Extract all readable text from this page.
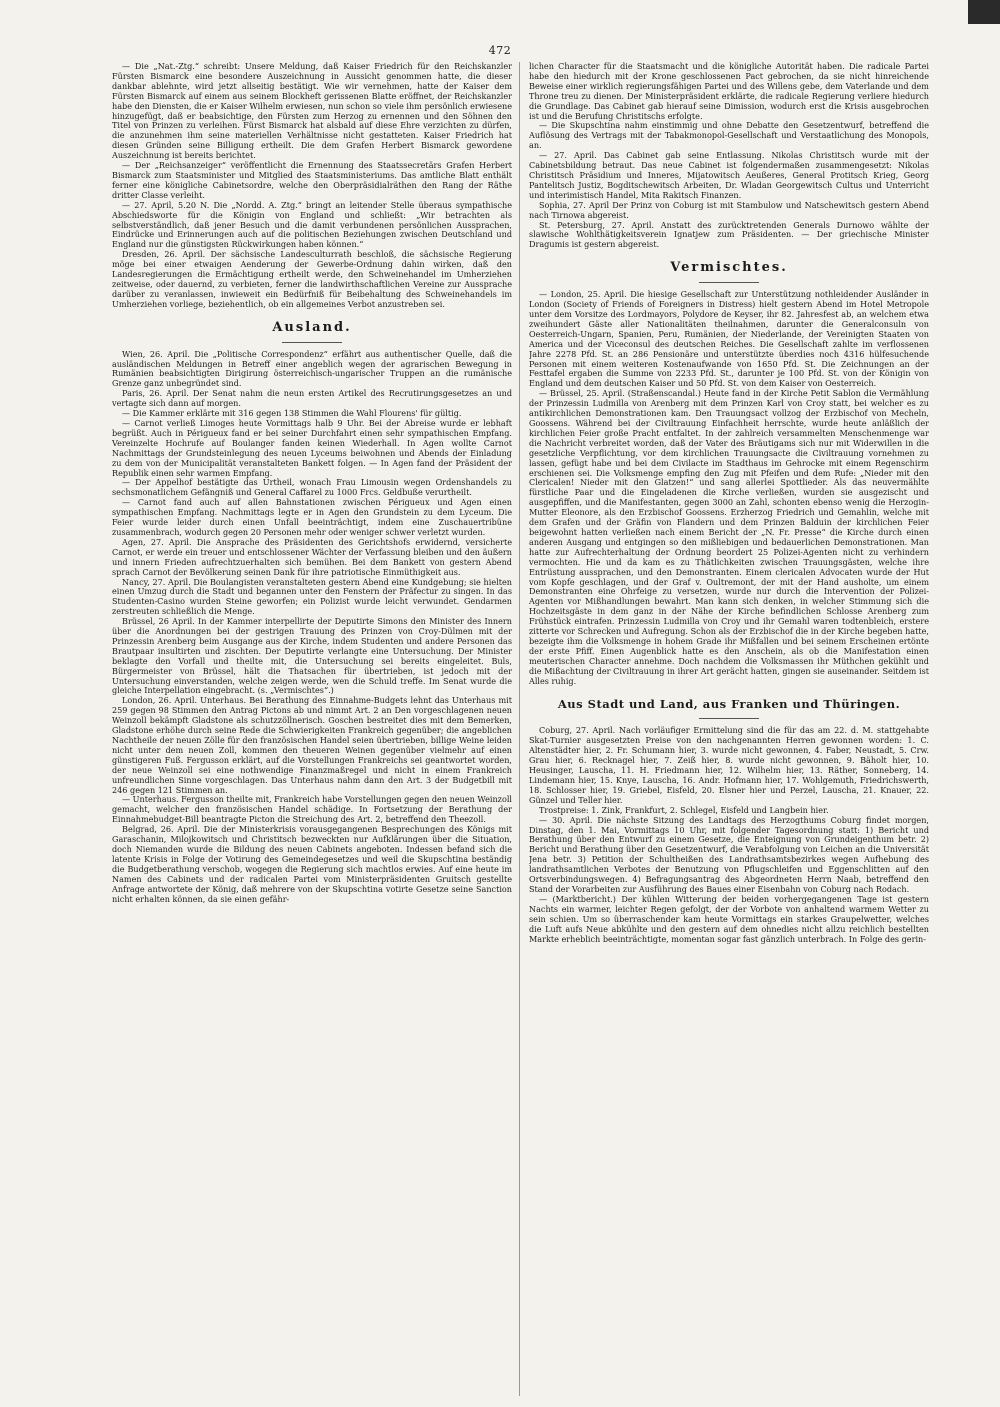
472

— Die „Nat.-Ztg.“ schreibt: Unsere Meldung, daß Kaiser Friedrich für den Reichskanzler Fürsten Bismarck eine besondere Auszeichnung in Aussicht genommen hatte, die dieser dankbar ablehnte, wird jetzt allseitig bestätigt. Wie wir vernehmen, hatte der Kaiser dem Fürsten Bismarck auf einem aus seinem Blockheft gerissenen Blatte eröffnet, der Reichskanzler habe den Diensten, die er Kaiser Wilhelm erwiesen, nun schon so viele ihm persönlich erwiesene hinzugefügt, daß er beabsichtige, den Fürsten zum Herzog zu ernennen und den Söhnen den Titel von Prinzen zu verleihen. Fürst Bismarck hat alsbald auf diese Ehre verzichten zu dürfen, die anzunehmen ihm seine materiellen Verhältnisse nicht gestatteten. Kaiser Friedrich hat diesen Gründen seine Billigung ertheilt. Die dem Grafen Herbert Bismarck gewordene Auszeichnung ist bereits berichtet.

— Der „Reichsanzeiger“ veröffentlicht die Ernennung des Staatssecretärs Grafen Herbert Bismarck zum Staatsminister und Mitglied des Staatsministeriums. Das amtliche Blatt enthält ferner eine königliche Cabinetsordre, welche den Oberpräsidialräthen den Rang der Räthe dritter Classe verleiht.

— 27. April, 5.20 N. Die „Nordd. A. Ztg.“ bringt an leitender Stelle überaus sympathische Abschiedsworte für die Königin von England und schließt: „Wir betrachten als selbstverständlich, daß jener Besuch und die damit verbundenen persönlichen Aussprachen, Eindrücke und Erinnerungen auch auf die politischen Beziehungen zwischen Deutschland und England nur die günstigsten Rückwirkungen haben können.“

Dresden, 26. April. Der sächsische Landesculturrath beschloß, die sächsische Regierung möge bei einer etwaigen Aenderung der Gewerbe-Ordnung dahin wirken, daß den Landesregierungen die Ermächtigung ertheilt werde, den Schweinehandel im Umherziehen zeitweise, oder dauernd, zu verbieten, ferner die landwirthschaftlichen Vereine zur Aussprache darüber zu veranlassen, inwieweit ein Bedürfniß für Beibehaltung des Schweinehandels im Umherziehen vorliege, beziehentlich, ob ein allgemeines Verbot anzustreben sei.

Ausland.

Wien, 26. April. Die „Politische Correspondenz“ erfährt aus authentischer Quelle, daß die ausländischen Meldungen in Betreff einer angeblich wegen der agrarischen Bewegung in Rumänien beabsichtigten Dirigirung österreichisch-ungarischer Truppen an die rumänische Grenze ganz unbegründet sind.

Paris, 26. April. Der Senat nahm die neun ersten Artikel des Recrutirungsgesetzes an und vertagte sich dann auf morgen.

— Die Kammer erklärte mit 316 gegen 138 Stimmen die Wahl Flourens' für gültig.

— Carnot verließ Limoges heute Vormittags halb 9 Uhr. Bei der Abreise wurde er lebhaft begrüßt. Auch in Périgueux fand er bei seiner Durchfahrt einen sehr sympathischen Empfang. Vereinzelte Hochrufe auf Boulanger fanden keinen Wiederhall. In Agen wollte Carnot Nachmittags der Grundsteinlegung des neuen Lyceums beiwohnen und Abends der Einladung zu dem von der Municipalität veranstalteten Bankett folgen. — In Agen fand der Präsident der Republik einen sehr warmen Empfang.

— Der Appelhof bestätigte das Urtheil, wonach Frau Limousin wegen Ordenshandels zu sechsmonatlichem Gefängniß und General Caffarel zu 1000 Frcs. Geldbuße verurtheilt.

— Carnot fand auch auf allen Bahnstationen zwischen Périgueux und Agen einen sympathischen Empfang. Nachmittags legte er in Agen den Grundstein zu dem Lyceum. Die Feier wurde leider durch einen Unfall beeinträchtigt, indem eine Zuschauertribüne zusammenbrach, wodurch gegen 20 Personen mehr oder weniger schwer verletzt wurden.

Agen, 27. April. Die Ansprache des Präsidenten des Gerichtshofs erwidernd, versicherte Carnot, er werde ein treuer und entschlossener Wächter der Verfassung bleiben und den äußern und innern Frieden aufrechtzuerhalten sich bemühen. Bei dem Bankett von gestern Abend sprach Carnot der Bevölkerung seinen Dank für ihre patriotische Einmüthigkeit aus.

Nancy, 27. April. Die Boulangisten veranstalteten gestern Abend eine Kundgebung; sie hielten einen Umzug durch die Stadt und begannen unter den Fenstern der Präfectur zu singen. In das Studenten-Casino wurden Steine geworfen; ein Polizist wurde leicht verwundet. Gendarmen zerstreuten schließlich die Menge.

Brüssel, 26 April. In der Kammer interpellirte der Deputirte Simons den Minister des Innern über die Anordnungen bei der gestrigen Trauung des Prinzen von Croy-Dülmen mit der Prinzessin Arenberg beim Ausgange aus der Kirche, indem Studenten und andere Personen das Brautpaar insultirten und zischten. Der Deputirte verlangte eine Untersuchung. Der Minister beklagte den Vorfall und theilte mit, die Untersuchung sei bereits eingeleitet. Buls, Bürgermeister von Brüssel, hält die Thatsachen für übertrieben, ist jedoch mit der Untersuchung einverstanden, welche zeigen werde, wen die Schuld treffe. Im Senat wurde die gleiche Interpellation eingebracht. (s. „Vermischtes“.)

London, 26. April. Unterhaus. Bei Berathung des Einnahme-Budgets lehnt das Unterhaus mit 259 gegen 98 Stimmen den Antrag Pictons ab und nimmt Art. 2 an Den vorgeschlagenen neuen Weinzoll bekämpft Gladstone als schutzzöllnerisch. Goschen bestreitet dies mit dem Bemerken, Gladstone erhöhe durch seine Rede die Schwierigkeiten Frankreich gegenüber; die angeblichen Nachtheile der neuen Zölle für den französischen Handel seien übertrieben, billige Weine leiden nicht unter dem neuen Zoll, kommen den theueren Weinen gegenüber vielmehr auf einen günstigeren Fuß. Fergusson erklärt, auf die Vorstellungen Frankreichs sei geantwortet worden, der neue Weinzoll sei eine nothwendige Finanzmaßregel und nicht in einem Frankreich unfreundlichen Sinne vorgeschlagen. Das Unterhaus nahm dann den Art. 3 der Budgetbill mit 246 gegen 121 Stimmen an.

— Unterhaus. Fergusson theilte mit, Frankreich habe Vorstellungen gegen den neuen Weinzoll gemacht, welcher den französischen Handel schädige. In Fortsetzung der Berathung der Einnahmebudget-Bill beantragte Picton die Streichung des Art. 2, betreffend den Theezoll.

Belgrad, 26. April. Die der Ministerkrisis vorausgegangenen Besprechungen des Königs mit Garaschanin, Milojkowitsch und Christitsch bezweckten nur Aufklärungen über die Situation, doch Niemanden wurde die Bildung des neuen Cabinets angeboten. Indessen befand sich die latente Krisis in Folge der Votirung des Gemeindegesetzes und weil die Skupschtina beständig die Budgetberathung verschob, wogegen die Regierung sich machtlos erwies. Auf eine heute im Namen des Cabinets und der radicalen Partei vom Ministerpräsidenten Gruitsch gestellte Anfrage antwortete der König, daß mehrere von der Skupschtina votirte Gesetze seine Sanction nicht erhalten können, da sie einen gefähr-

lichen Character für die Staatsmacht und die königliche Autorität haben. Die radicale Partei habe den hiedurch mit der Krone geschlossenen Pact gebrochen, da sie nicht hinreichende Beweise einer wirklich regierungsfähigen Partei und des Willens gebe, dem Vaterlande und dem Throne treu zu dienen. Der Ministerpräsident erklärte, die radicale Regierung verliere hiedurch die Grundlage. Das Cabinet gab hierauf seine Dimission, wodurch erst die Krisis ausgebrochen ist und die Berufung Christitschs erfolgte.

— Die Skupschtina nahm einstimmig und ohne Debatte den Gesetzentwurf, betreffend die Auflösung des Vertrags mit der Tabakmonopol-Gesellschaft und Verstaatlichung des Monopols, an.

— 27. April. Das Cabinet gab seine Entlassung. Nikolas Christitsch wurde mit der Cabinetsbildung betraut. Das neue Cabinet ist folgendermaßen zusammengesetzt: Nikolas Christitsch Präsidium und Inneres, Mijatowitsch Aeußeres, General Protitsch Krieg, Georg Pantelitsch Justiz, Bogditschewitsch Arbeiten, Dr. Wladan Georgewitsch Cultus und Unterricht und interimistisch Handel, Mita Rakitsch Finanzen.

Sophia, 27. April Der Prinz von Coburg ist mit Stambulow und Natschewitsch gestern Abend nach Tirnowa abgereist.

St. Petersburg, 27. April. Anstatt des zurücktretenden Generals Durnowo wählte der slawische Wohlthätigkeitsverein Ignatjew zum Präsidenten. — Der griechische Minister Dragumis ist gestern abgereist.

Vermischtes.

— London, 25. April. Die hiesige Gesellschaft zur Unterstützung nothleidender Ausländer in London (Society of Friends of Foreigners in Distress) hielt gestern Abend im Hotel Metropole unter dem Vorsitze des Lordmayors, Polydore de Keyser, ihr 82. Jahresfest ab, an welchem etwa zweihundert Gäste aller Nationalitäten theilnahmen, darunter die Generalconsuln von Oesterreich-Ungarn, Spanien, Peru, Rumänien, der Niederlande, der Vereinigten Staaten von America und der Viceconsul des deutschen Reiches. Die Gesellschaft zahlte im verflossenen Jahre 2278 Pfd. St. an 286 Pensionäre und unterstützte überdies noch 4316 hülfesuchende Personen mit einem weiteren Kostenaufwande von 1650 Pfd. St. Die Zeichnungen an der Festtafel ergaben die Summe von 2233 Pfd. St., darunter je 100 Pfd. St. von der Königin von England und dem deutschen Kaiser und 50 Pfd. St. von dem Kaiser von Oesterreich.

— Brüssel, 25. April. (Straßenscandal.) Heute fand in der Kirche Petit Sablon die Vermählung der Prinzessin Ludmilla von Arenberg mit dem Prinzen Karl von Croy statt, bei welcher es zu antikirchlichen Demonstrationen kam. Den Trauungsact vollzog der Erzbischof von Mecheln, Goossens. Während bei der Civiltrauung Einfachheit herrschte, wurde heute anläßlich der kirchlichen Feier große Pracht entfaltet. In der zahlreich versammelten Menschenmenge war die Nachricht verbreitet worden, daß der Vater des Bräutigams sich nur mit Widerwillen in die gesetzliche Verpflichtung, vor dem kirchlichen Trauungsacte die Civiltrauung vornehmen zu lassen, gefügt habe und bei dem Civilacte im Stadthaus im Gehrocke mit einem Regenschirm erschienen sei. Die Volksmenge empfing den Zug mit Pfeifen und dem Rufe: „Nieder mit den Clericalen! Nieder mit den Glatzen!“ und sang allerlei Spottlieder. Als das neuvermählte fürstliche Paar und die Eingeladenen die Kirche verließen, wurden sie ausgezischt und ausgepfiffen, und die Manifestanten, gegen 3000 an Zahl, schonten ebenso wenig die Herzogin-Mutter Eleonore, als den Erzbischof Goossens. Erzherzog Friedrich und Gemahlin, welche mit dem Grafen und der Gräfin von Flandern und dem Prinzen Balduin der kirchlichen Feier beigewohnt hatten verließen nach einem Bericht der „N. Fr. Presse“ die Kirche durch einen anderen Ausgang und entgingen so den mißliebigen und bedauerlichen Demonstrationen. Man hatte zur Aufrechterhaltung der Ordnung beordert 25 Polizei-Agenten nicht zu verhindern vermochten. Hie und da kam es zu Thätlichkeiten zwischen Trauungsgästen, welche ihre Entrüstung aussprachen, und den Demonstranten. Einem clericalen Advocaten wurde der Hut vom Kopfe geschlagen, und der Graf v. Oultremont, der mit der Hand ausholte, um einem Demonstranten eine Ohrfeige zu versetzen, wurde nur durch die Intervention der Polizei-Agenten vor Mißhandlungen bewahrt. Man kann sich denken, in welcher Stimmung sich die Hochzeitsgäste in dem ganz in der Nähe der Kirche befindlichen Schlosse Arenberg zum Frühstück eintrafen. Prinzessin Ludmilla von Croy und ihr Gemahl waren todtenbleich, erstere zitterte vor Schrecken und Aufregung. Schon als der Erzbischof die in der Kirche begeben hatte, bezeigte ihm die Volksmenge in hohem Grade ihr Mißfallen und bei seinem Erscheinen ertönte der erste Pfiff. Einen Augenblick hatte es den Anschein, als ob die Manifestation einen meuterischen Character annehme. Doch nachdem die Volksmassen ihr Müthchen gekühlt und die Mißachtung der Civiltrauung in ihrer Art gerächt hatten, gingen sie auseinander. Seitdem ist Alles ruhig.

Aus Stadt und Land, aus Franken und Thüringen.

Coburg, 27. April. Nach vorläufiger Ermittelung sind die für das am 22. d. M. stattgehabte Skat-Turnier ausgesetzten Preise von den nachgenannten Herren gewonnen worden: 1. C. Altenstädter hier, 2. Fr. Schumann hier, 3. wurde nicht gewonnen, 4. Faber, Neustadt, 5. Crw. Grau hier, 6. Recknagel hier, 7. Zeiß hier, 8. wurde nicht gewonnen, 9. Bäholt hier, 10. Heusinger, Lauscha, 11. H. Friedmann hier, 12. Wilhelm hier, 13. Räther, Sonneberg, 14. Lindemann hier, 15. Knye, Lauscha, 16. Andr. Hofmann hier, 17. Wohlgemuth, Friedrichswerth, 18. Schlosser hier, 19. Griebel, Eisfeld, 20. Elsner hier und Perzel, Lauscha, 21. Knauer, 22. Günzel und Teller hier.

Trostpreise: 1. Zink, Frankfurt, 2. Schlegel, Eisfeld und Langbein hier.

— 30. April. Die nächste Sitzung des Landtags des Herzogthums Coburg findet morgen, Dinstag, den 1. Mai, Vormittags 10 Uhr, mit folgender Tagesordnung statt: 1) Bericht und Berathung über den Entwurf zu einem Gesetze, die Enteignung von Grundeigenthum betr. 2) Bericht und Berathung über den Gesetzentwurf, die Verabfolgung von Leichen an die Universität Jena betr. 3) Petition der Schultheißen des Landrathsamtsbezirkes wegen Aufhebung des landrathsamtlichen Verbotes der Benutzung von Pflugschleifen und Eggenschlitten auf den Ortsverbindungswegen. 4) Befragungsantrag des Abgeordneten Herrn Naab, betreffend den Stand der Vorarbeiten zur Ausführung des Baues einer Eisenbahn von Coburg nach Rodach.

— (Marktbericht.) Der kühlen Witterung der beiden vorhergegangenen Tage ist gestern Nachts ein warmer, leichter Regen gefolgt, der der Vorbote von anhaltend warmem Wetter zu sein schien. Um so überraschender kam heute Vormittags ein starkes Graupelwetter, welches die Luft aufs Neue abkühlte und den gestern auf dem ohnedies nicht allzu reichlich bestellten Markte erheblich beeinträchtigte, momentan sogar fast gänzlich unterbrach. In Folge des gerin-
